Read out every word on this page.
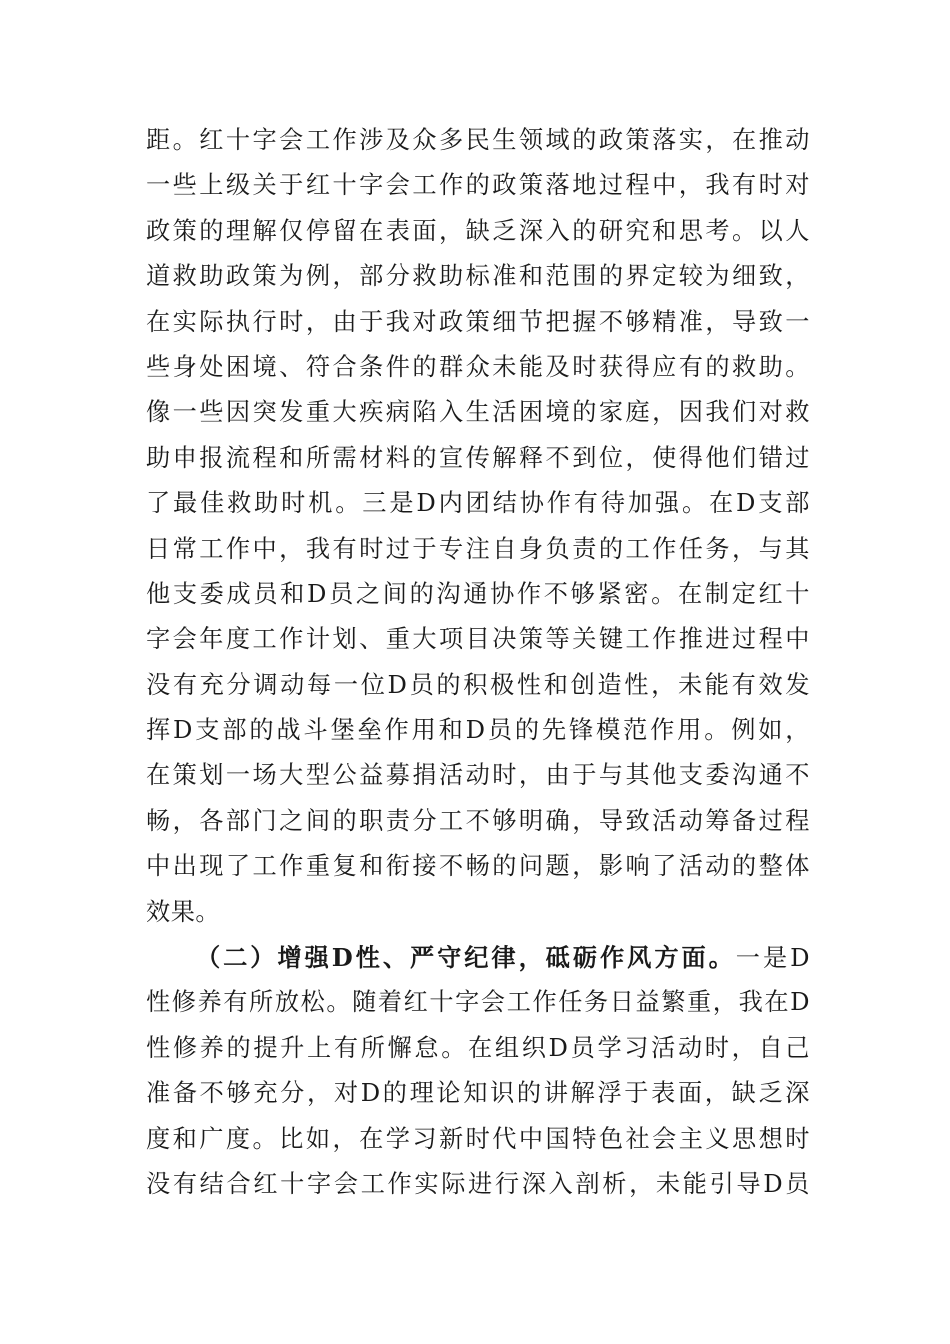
距。红十字会工作涉及众多民生领域的政策落实，在推动
一些上级关于红十字会工作的政策落地过程中，我有时对
政策的理解仅停留在表面，缺乏深入的研究和思考。以人
道救助政策为例，部分救助标准和范围的界定较为细致，
在实际执行时，由于我对政策细节把握不够精准，导致一
些身处困境、符合条件的群众未能及时获得应有的救助。
像一些因突发重大疾病陷入生活困境的家庭，因我们对救
助申报流程和所需材料的宣传解释不到位，使得他们错过
了最佳救助时机。三是D内团结协作有待加强。在D支部
日常工作中，我有时过于专注自身负责的工作任务，与其
他支委成员和D员之间的沟通协作不够紧密。在制定红十
字会年度工作计划、重大项目决策等关键工作推进过程中
没有充分调动每一位D员的积极性和创造性，未能有效发
挥D支部的战斗堡垒作用和D员的先锋模范作用。例如，
在策划一场大型公益募捐活动时，由于与其他支委沟通不
畅，各部门之间的职责分工不够明确，导致活动筹备过程
中出现了工作重复和衔接不畅的问题，影响了活动的整体
效果。
（二）增强D性、严守纪律，砥砺作风方面。一是D
性修养有所放松。随着红十字会工作任务日益繁重，我在D
性修养的提升上有所懈怠。在组织D员学习活动时，自己
准备不够充分，对D的理论知识的讲解浮于表面，缺乏深
度和广度。比如，在学习新时代中国特色社会主义思想时
没有结合红十字会工作实际进行深入剖析，未能引导D员
